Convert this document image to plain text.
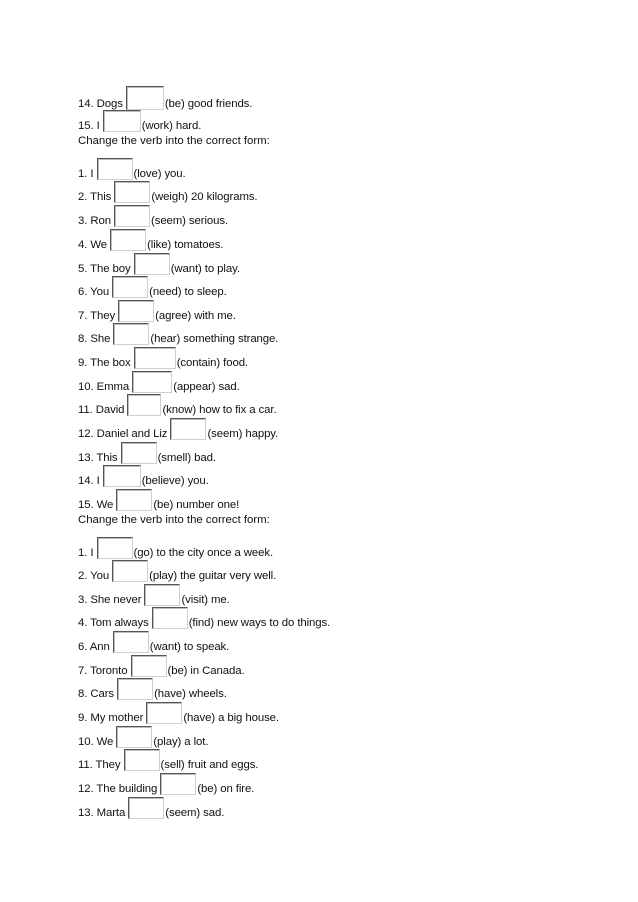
14. Dogs	(be) good friends.
15. I	(work) hard.
Change the verb into the correct form:
1. I	(love) you.
2. This	(weigh) 20 kilograms.
3. Ron	(seem) serious.
4. We	(like) tomatoes.
5. The boy	(want) to play.
6. You	(need) to sleep.
7. They	(agree) with me.
8. She	(hear) something strange.
9. The box	(contain) food.
10. Emma	(appear) sad.
11. David	(know) how to fix a car.
12. Daniel and Liz	(seem) happy.
13. This	(smell) bad.
14. I	(believe) you.
15. We	(be) number one!
Change the verb into the correct form:
1. I	(go) to the city once a week.
2. You	(play) the guitar very well.
3. She never	(visit) me.
4. Tom always	(find) new ways to do things.
6. Ann	(want) to speak.
7. Toronto	(be) in Canada.
8. Cars	(have) wheels.
9. My mother	(have) a big house.
10. We	(play) a lot.
11. They	(sell) fruit and eggs.
12. The building	(be) on fire.
13. Marta	(seem) sad.
